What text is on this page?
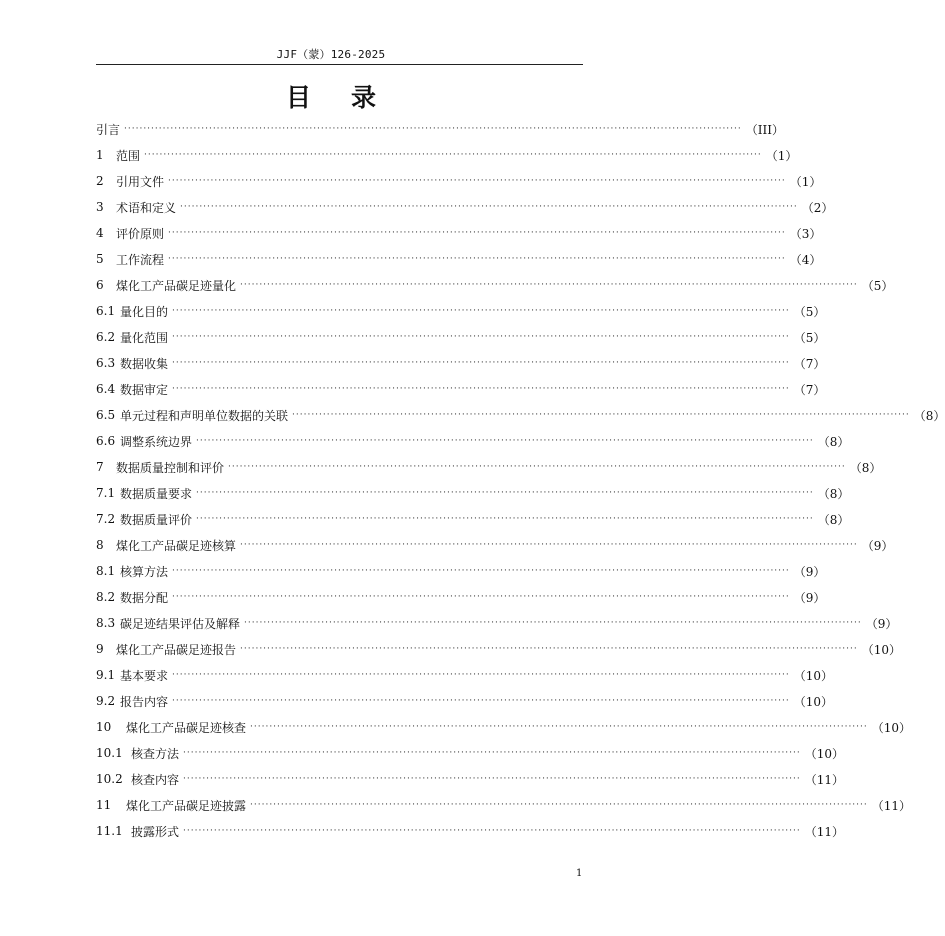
JJF（蒙）126-2025
目录
引言 ································································································································································ （III）
1	范围 ································································································································································ （1）
2	引用文件 ································································································································································ （1）
3	术语和定义 ································································································································································ （2）
4	评价原则 ································································································································································ （3）
5	工作流程 ································································································································································ （4）
6	煤化工产品碳足迹量化 ································································································································································ （5）
6.1 量化目的 ································································································································································ （5）
6.2 量化范围 ································································································································································ （5）
6.3 数据收集 ································································································································································ （7）
6.4 数据审定 ································································································································································ （7）
6.5 单元过程和声明单位数据的关联 ································································································································································ （8）
6.6 调整系统边界 ································································································································································ （8）
7	数据质量控制和评价 ································································································································································ （8）
7.1 数据质量要求 ································································································································································ （8）
7.2 数据质量评价 ································································································································································ （8）
8	煤化工产品碳足迹核算 ································································································································································ （9）
8.1 核算方法 ································································································································································ （9）
8.2 数据分配 ································································································································································ （9）
8.3 碳足迹结果评估及解释 ································································································································································ （9）
9	煤化工产品碳足迹报告 ································································································································································ （10）
9.1 基本要求 ································································································································································ （10）
9.2 报告内容 ································································································································································ （10）
10	煤化工产品碳足迹核查 ································································································································································ （10）
10.1 核查方法 ································································································································································ （10）
10.2 核查内容 ································································································································································ （11）
11	煤化工产品碳足迹披露 ································································································································································ （11）
11.1 披露形式 ································································································································································ （11）
1
